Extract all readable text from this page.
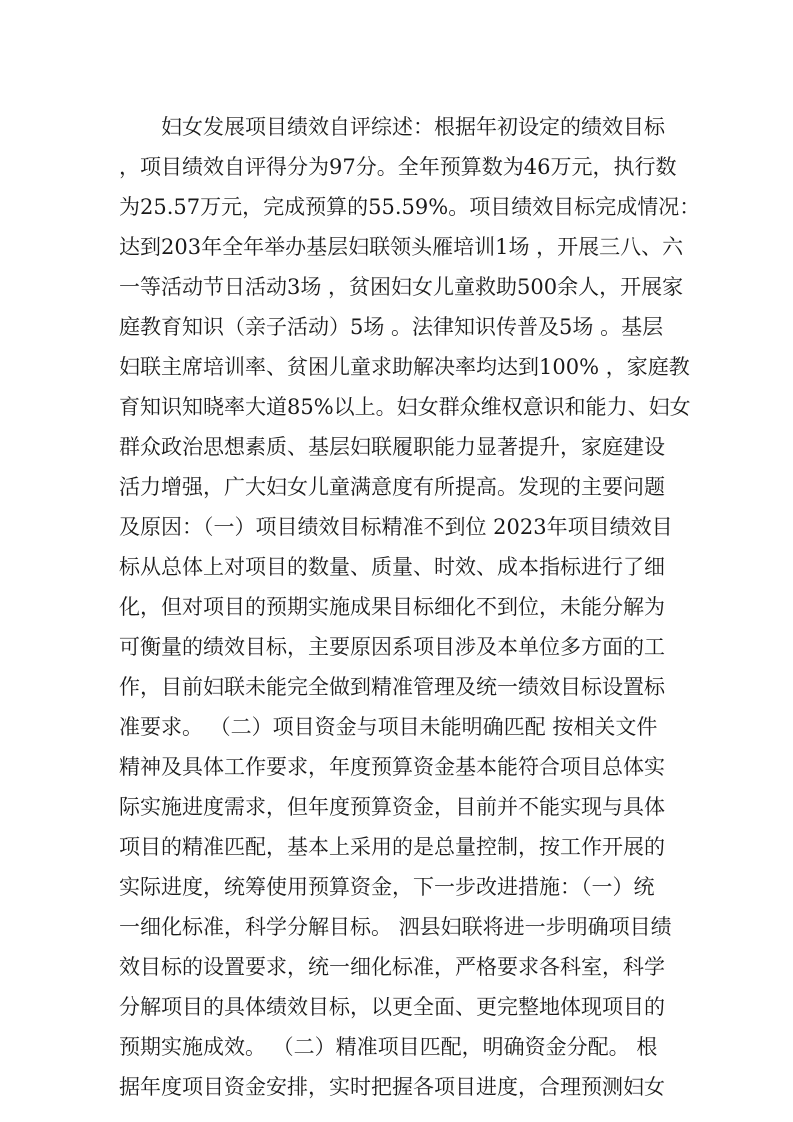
妇女发展项目绩效自评综述：根据年初设定的绩效目标
，项目绩效自评得分为97分。全年预算数为46万元，执行数
为25.57万元，完成预算的55.59%。项目绩效目标完成情况：
达到203年全年举办基层妇联领头雁培训1场 ，开展三八、六
一等活动节日活动3场 ，贫困妇女儿童救助500余人，开展家
庭教育知识（亲子活动）5场 。法律知识传普及5场 。基层
妇联主席培训率、贫困儿童求助解决率均达到100% ，家庭教
育知识知晓率大道85%以上。妇女群众维权意识和能力、妇女
群众政治思想素质、基层妇联履职能力显著提升，家庭建设
活力增强，广大妇女儿童满意度有所提高。发现的主要问题
及原因：（一）项目绩效目标精准不到位 2023年项目绩效目
标从总体上对项目的数量、质量、时效、成本指标进行了细
化，但对项目的预期实施成果目标细化不到位，未能分解为
可衡量的绩效目标，主要原因系项目涉及本单位多方面的工
作，目前妇联未能完全做到精准管理及统一绩效目标设置标
准要求。 （二）项目资金与项目未能明确匹配 按相关文件
精神及具体工作要求，年度预算资金基本能符合项目总体实
际实施进度需求，但年度预算资金，目前并不能实现与具体
项目的精准匹配，基本上采用的是总量控制，按工作开展的
实际进度，统筹使用预算资金，下一步改进措施：（一）统
一细化标准，科学分解目标。 泗县妇联将进一步明确项目绩
效目标的设置要求，统一细化标准，严格要求各科室，科学
分解项目的具体绩效目标，以更全面、更完整地体现项目的
预期实施成效。 （二）精准项目匹配，明确资金分配。 根
据年度项目资金安排，实时把握各项目进度，合理预测妇女
